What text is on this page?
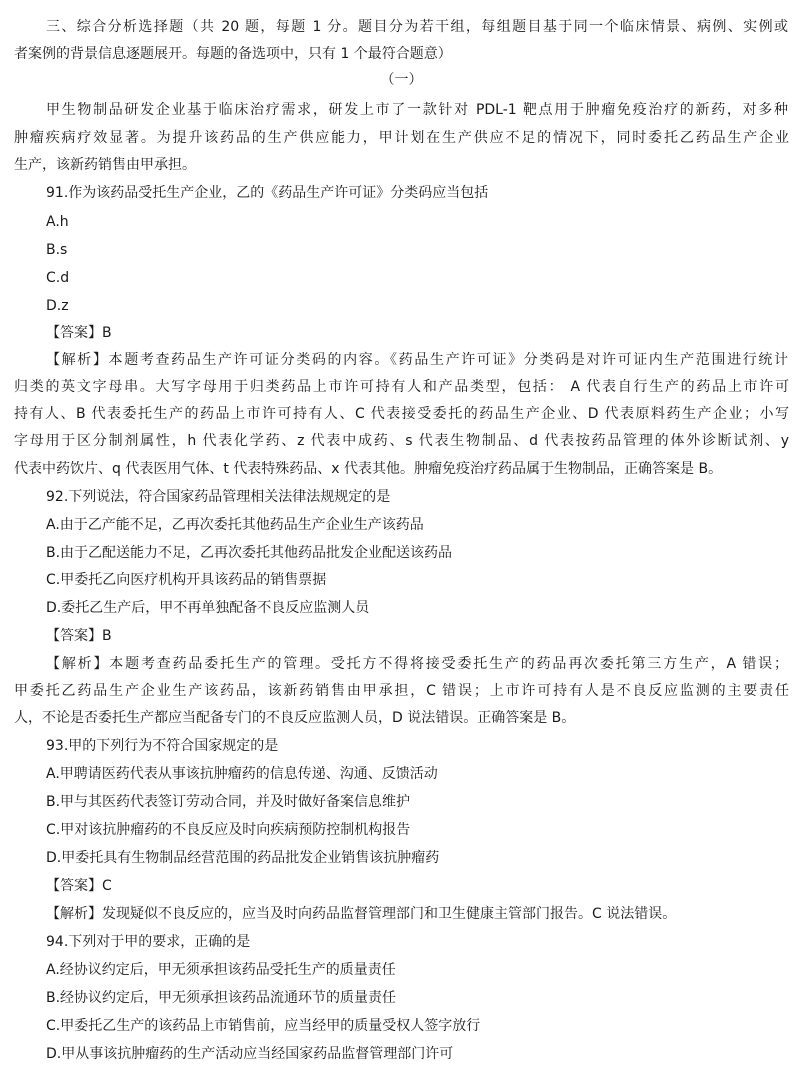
三、综合分析选择题（共 20 题，每题 1 分。题目分为若干组，每组题目基于同一个临床情景、病例、实例或
者案例的背景信息逐题展开。每题的备选项中，只有 1 个最符合题意）
（一）
甲生物制品研发企业基于临床治疗需求，研发上市了一款针对 PDL-1 靶点用于肿瘤免疫治疗的新药，对多种
肿瘤疾病疗效显著。为提升该药品的生产供应能力，甲计划在生产供应不足的情况下，同时委托乙药品生产企业
生产，该新药销售由甲承担。
91.作为该药品受托生产企业，乙的《药品生产许可证》分类码应当包括
A.h
B.s
C.d
D.z
【答案】B
【解析】本题考查药品生产许可证分类码的内容。《药品生产许可证》分类码是对许可证内生产范围进行统计
归类的英文字母串。大写字母用于归类药品上市许可持有人和产品类型，包括： A 代表自行生产的药品上市许可
持有人、B 代表委托生产的药品上市许可持有人、C 代表接受委托的药品生产企业、D 代表原料药生产企业；小写
字母用于区分制剂属性，h 代表化学药、z 代表中成药、s 代表生物制品、d 代表按药品管理的体外诊断试剂、y
代表中药饮片、q 代表医用气体、t 代表特殊药品、x 代表其他。肿瘤免疫治疗药品属于生物制品，正确答案是 B。
92.下列说法，符合国家药品管理相关法律法规规定的是
A.由于乙产能不足，乙再次委托其他药品生产企业生产该药品
B.由于乙配送能力不足，乙再次委托其他药品批发企业配送该药品
C.甲委托乙向医疗机构开具该药品的销售票据
D.委托乙生产后，甲不再单独配备不良反应监测人员
【答案】B
【解析】本题考查药品委托生产的管理。受托方不得将接受委托生产的药品再次委托第三方生产，A 错误；
甲委托乙药品生产企业生产该药品，该新药销售由甲承担，C 错误；上市许可持有人是不良反应监测的主要责任
人，不论是否委托生产都应当配备专门的不良反应监测人员，D 说法错误。正确答案是 B。
93.甲的下列行为不符合国家规定的是
A.甲聘请医药代表从事该抗肿瘤药的信息传递、沟通、反馈活动
B.甲与其医药代表签订劳动合同，并及时做好备案信息维护
C.甲对该抗肿瘤药的不良反应及时向疾病预防控制机构报告
D.甲委托具有生物制品经营范围的药品批发企业销售该抗肿瘤药
【答案】C
【解析】发现疑似不良反应的，应当及时向药品监督管理部门和卫生健康主管部门报告。C 说法错误。
94.下列对于甲的要求，正确的是
A.经协议约定后，甲无须承担该药品受托生产的质量责任
B.经协议约定后，甲无须承担该药品流通环节的质量责任
C.甲委托乙生产的该药品上市销售前，应当经甲的质量受权人签字放行
D.甲从事该抗肿瘤药的生产活动应当经国家药品监督管理部门许可
